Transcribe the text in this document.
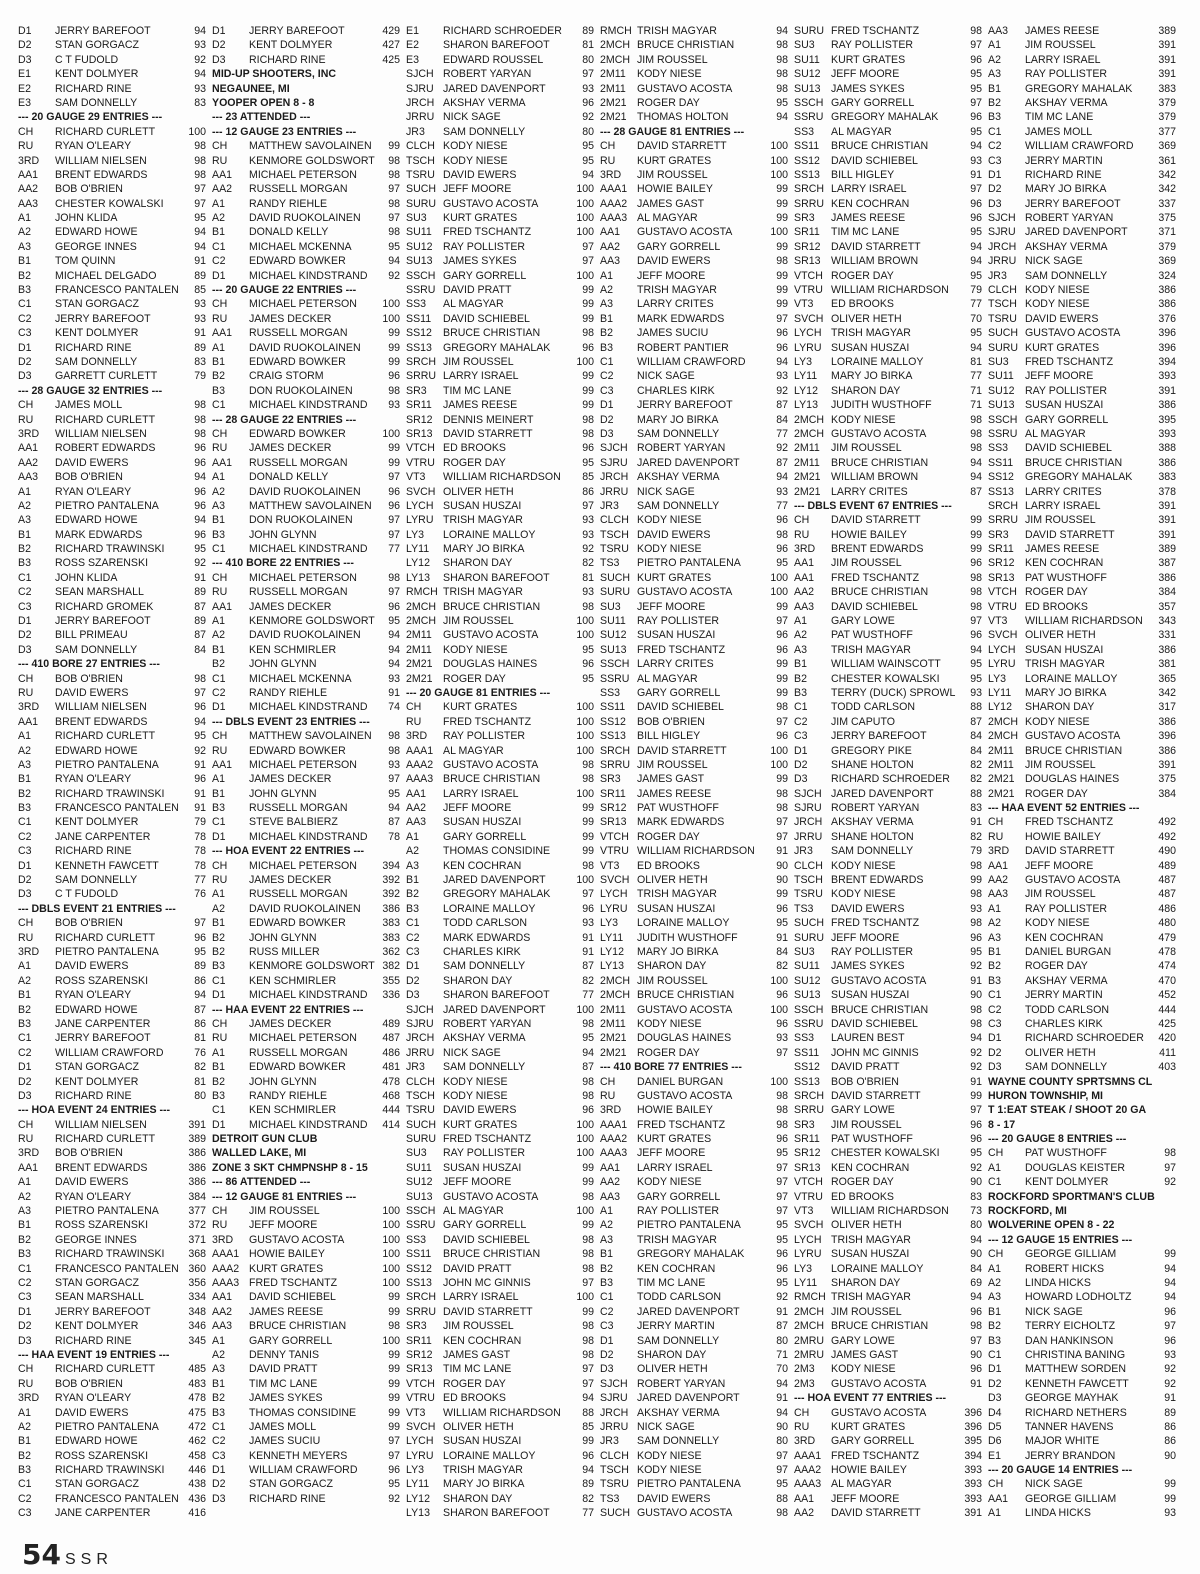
D1	JERRY BAREFOOT	94
D2	STAN GORGACZ	93
D3	C T FUDOLD	92
E1	KENT DOLMYER	94
E2	RICHARD RINE	93
E3	SAM DONNELLY	83
--- 20 GAUGE 29 ENTRIES ---
CH	RICHARD CURLETT	100
RU	RYAN O'LEARY	98
3RD	WILLIAM NIELSEN	98
AA1	BRENT EDWARDS	98
AA2	BOB O'BRIEN	97
AA3	CHESTER KOWALSKI	97
A1	JOHN KLIDA	95
A2	EDWARD HOWE	94
A3	GEORGE INNES	94
B1	TOM QUINN	91
B2	MICHAEL DELGADO	89
B3	FRANCESCO PANTALEN	85
C1	STAN GORGACZ	93
C2	JERRY BAREFOOT	93
C3	KENT DOLMYER	91
D1	RICHARD RINE	89
D2	SAM DONNELLY	83
D3	GARRETT CURLETT	79
--- 28 GAUGE 32 ENTRIES ---
CH	JAMES MOLL	98
RU	RICHARD CURLETT	98
3RD	WILLIAM NIELSEN	98
AA1	ROBERT EDWARDS	96
AA2	DAVID EWERS	96
AA3	BOB O'BRIEN	94
A1	RYAN O'LEARY	96
A2	PIETRO PANTALENA	96
A3	EDWARD HOWE	94
B1	MARK EDWARDS	96
B2	RICHARD TRAWINSKI	95
B3	ROSS SZARENSKI	92
C1	JOHN KLIDA	91
C2	SEAN MARSHALL	89
C3	RICHARD GROMEK	87
D1	JERRY BAREFOOT	89
D2	BILL PRIMEAU	87
D3	SAM DONNELLY	84
--- 410 BORE 27 ENTRIES ---
CH	BOB O'BRIEN	98
RU	DAVID EWERS	97
3RD	WILLIAM NIELSEN	96
AA1	BRENT EDWARDS	94
A1	RICHARD CURLETT	95
A2	EDWARD HOWE	92
A3	PIETRO PANTALENA	91
B1	RYAN O'LEARY	96
B2	RICHARD TRAWINSKI	91
B3	FRANCESCO PANTALEN	91
C1	KENT DOLMYER	79
C2	JANE CARPENTER	78
C3	RICHARD RINE	78
D1	KENNETH FAWCETT	78
D2	SAM DONNELLY	77
D3	C T FUDOLD	76
--- DBLS EVENT 21 ENTRIES ---
CH	BOB O'BRIEN	97
RU	RICHARD CURLETT	96
3RD	PIETRO PANTALENA	95
A1	DAVID EWERS	89
A2	ROSS SZARENSKI	86
B1	RYAN O'LEARY	94
B2	EDWARD HOWE	87
B3	JANE CARPENTER	86
C1	JERRY BAREFOOT	81
C2	WILLIAM CRAWFORD	76
D1	STAN GORGACZ	82
D2	KENT DOLMYER	81
D3	RICHARD RINE	80
--- HOA EVENT 24 ENTRIES ---
CH	WILLIAM NIELSEN	391
RU	RICHARD CURLETT	389
3RD	BOB O'BRIEN	386
AA1	BRENT EDWARDS	386
A1	DAVID EWERS	386
A2	RYAN O'LEARY	384
A3	PIETRO PANTALENA	377
B1	ROSS SZARENSKI	372
B2	GEORGE INNES	371
B3	RICHARD TRAWINSKI	368
C1	FRANCESCO PANTALEN 360
C2	STAN GORGACZ	356
C3	SEAN MARSHALL	334
D1	JERRY BAREFOOT	348
D2	KENT DOLMYER	346
D3	RICHARD RINE	345
--- HAA EVENT 19 ENTRIES ---
CH	RICHARD CURLETT	485
RU	BOB O'BRIEN	483
3RD	RYAN O'LEARY	478
A1	DAVID EWERS	475
A2	PIETRO PANTALENA	472
B1	EDWARD HOWE	462
B2	ROSS SZARENSKI	458
B3	RICHARD TRAWINSKI	446
C1	STAN GORGACZ	438
C2	FRANCESCO PANTALEN 436
C3	JANE CARPENTER	416
D1	JERRY BAREFOOT	429
D2	KENT DOLMYER	427
D3	RICHARD RINE	425
MID-UP SHOOTERS, INC
NEGAUNEE, MI
YOOPER OPEN 8 - 8
--- 23 ATTENDED ---
--- 12 GAUGE 23 ENTRIES ---
CH	MATTHEW SAVOLAINEN	99
RU	KENMORE GOLDSWORT	98
AA1	MICHAEL PETERSON	98
AA2	RUSSELL MORGAN	97
A1	RANDY RIEHLE	98
A2	DAVID RUOKOLAINEN	97
B1	DONALD KELLY	98
C1	MICHAEL MCKENNA	95
C2	EDWARD BOWKER	94
D1	MICHAEL KINDSTRAND	92
--- 20 GAUGE 22 ENTRIES ---
CH	MICHAEL PETERSON	100
RU	JAMES DECKER	100
AA1	RUSSELL MORGAN	99
A1	DAVID RUOKOLAINEN	99
B1	EDWARD BOWKER	99
B2	CRAIG STORM	96
B3	DON RUOKOLAINEN	98
C1	MICHAEL KINDSTRAND	93
--- 28 GAUGE 22 ENTRIES ---
CH	EDWARD BOWKER	100
RU	JAMES DECKER	99
AA1	RUSSELL MORGAN	99
A1	DONALD KELLY	97
A2	DAVID RUOKOLAINEN	96
A3	MATTHEW SAVOLAINEN	96
B1	DON RUOKOLAINEN	97
B3	JOHN GLYNN	97
C1	MICHAEL KINDSTRAND	77
--- 410 BORE 22 ENTRIES ---
CH	MICHAEL PETERSON	98
RU	RUSSELL MORGAN	97
AA1	JAMES DECKER	96
A1	KENMORE GOLDSWORT	95
A2	DAVID RUOKOLAINEN	94
B1	KEN SCHMIRLER	94
B2	JOHN GLYNN	94
C1	MICHAEL MCKENNA	93
C2	RANDY RIEHLE	91
D1	MICHAEL KINDSTRAND	74
--- DBLS EVENT 23 ENTRIES ---
CH	MATTHEW SAVOLAINEN	98
RU	EDWARD BOWKER	98
AA1	MICHAEL PETERSON	93
A1	JAMES DECKER	97
B1	JOHN GLYNN	95
B3	RUSSELL MORGAN	94
C1	STEVE BALBIERZ	87
D1	MICHAEL KINDSTRAND	78
--- HOA EVENT 22 ENTRIES ---
CH	MICHAEL PETERSON	394
RU	JAMES DECKER	392
A1	RUSSELL MORGAN	392
A2	DAVID RUOKOLAINEN	386
B1	EDWARD BOWKER	383
B2	JOHN GLYNN	383
B2	RUSS MILLER	362
B3	KENMORE GOLDSWORT 382
C1	KEN SCHMIRLER	355
D1	MICHAEL KINDSTRAND	336
--- HAA EVENT 22 ENTRIES ---
CH	JAMES DECKER	489
RU	MICHAEL PETERSON	487
A1	RUSSELL MORGAN	486
B1	EDWARD BOWKER	481
B2	JOHN GLYNN	478
B3	RANDY RIEHLE	468
C1	KEN SCHMIRLER	444
D1	MICHAEL KINDSTRAND	414
DETROIT GUN CLUB
WALLED LAKE, MI
ZONE 3 SKT CHMPNSHP 8 - 15
--- 86 ATTENDED ---
--- 12 GAUGE 81 ENTRIES ---
CH	JIM ROUSSEL	100
RU	JEFF MOORE	100
3RD	GUSTAVO ACOSTA	100
AAA1 HOWIE BAILEY	100
AAA2 KURT GRATES	100
AAA3 FRED TSCHANTZ	100
AA1	DAVID SCHIEBEL	99
AA2	JAMES REESE	99
AA3	BRUCE CHRISTIAN	98
A1	GARY GORRELL	100
A2	DENNY TANIS	99
A3	DAVID PRATT	99
B1	TIM MC LANE	99
B2	JAMES SYKES	99
B3	THOMAS CONSIDINE	99
C1	JAMES MOLL	99
C2	JAMES SUCIU	97
C3	KENNETH MEYERS	97
D1	WILLIAM CRAWFORD	96
D2	STAN GORGACZ	95
D3	RICHARD RINE	92
E1	RICHARD SCHROEDER	89
E2	SHARON BAREFOOT	81
E3	EDWARD ROUSSEL	80
SJCH ROBERT YARYAN	97
SJRU JARED DAVENPORT	93
JRCH AKSHAY VERMA	96
JRRU NICK SAGE	92
JR3	SAM DONNELLY	80
CLCH KODY NIESE	95
TSCH KODY NIESE	95
TSRU DAVID EWERS	94
SUCH JEFF MOORE	100
SURU GUSTAVO ACOSTA	100
SU3	KURT GRATES	100
SU11	FRED TSCHANTZ	100
SU12 RAY POLLISTER	97
SU13 JAMES SYKES	97
SSCH GARY GORRELL	100
SSRU DAVID PRATT	99
SS3	AL MAGYAR	99
SS11	DAVID SCHIEBEL	99
SS12	BRUCE CHRISTIAN	98
SS13	GREGORY MAHALAK	96
SRCH JIM ROUSSEL	100
SRRU LARRY ISRAEL	99
SR3	TIM MC LANE	99
SR11	JAMES REESE	99
SR12 DENNIS MEINERT	98
SR13 DAVID STARRETT	98
VTCH ED BROOKS	96
VTRU ROGER DAY	95
VT3	WILLIAM RICHARDSON	85
SVCH OLIVER HETH	86
LYCH SUSAN HUSZAI	97
LYRU TRISH MAGYAR	93
LY3	LORAINE MALLOY	93
LY11	MARY JO BIRKA	92
LY12	SHARON DAY	82
LY13	SHARON BAREFOOT	81
RMCH TRISH MAGYAR	93
2MCH BRUCE CHRISTIAN	98
2MCH JIM ROUSSEL	100
2M11	GUSTAVO ACOSTA	100
2M11	KODY NIESE	95
2M21 DOUGLAS HAINES	96
2M21 ROGER DAY	95
--- 20 GAUGE 81 ENTRIES ---
CH	KURT GRATES	100
RU	FRED TSCHANTZ	100
3RD	RAY POLLISTER	100
AAA1 AL MAGYAR	100
AAA2 GUSTAVO ACOSTA	98
AAA3 BRUCE CHRISTIAN	98
AA1	LARRY ISRAEL	100
AA2	JEFF MOORE	99
AA3	SUSAN HUSZAI	99
A1	GARY GORRELL	99
A2	THOMAS CONSIDINE	99
A3	KEN COCHRAN	98
B1	JARED DAVENPORT	100
B2	GREGORY MAHALAK	97
B3	LORAINE MALLOY	96
C1	TODD CARLSON	93
C2	MARK EDWARDS	91
C3	CHARLES KIRK	91
D1	SAM DONNELLY	87
D2	SHARON DAY	82
D3	SHARON BAREFOOT	77
SJCH JARED DAVENPORT	100
SJRU ROBERT YARYAN	98
JRCH AKSHAY VERMA	95
JRRU NICK SAGE	94
JR3	SAM DONNELLY	87
CLCH KODY NIESE	98
TSCH KODY NIESE	98
TSRU DAVID EWERS	96
SUCH KURT GRATES	100
SURU FRED TSCHANTZ	100
SU3	RAY POLLISTER	100
SU11	SUSAN HUSZAI	99
SU12 JEFF MOORE	99
SU13 GUSTAVO ACOSTA	98
SSCH AL MAGYAR	100
SSRU GARY GORRELL	99
SS3	DAVID SCHIEBEL	98
SS11	BRUCE CHRISTIAN	98
SS12	DAVID PRATT	98
SS13	JOHN MC GINNIS	97
SRCH LARRY ISRAEL	100
SRRU DAVID STARRETT	99
SR3	JIM ROUSSEL	98
SR11	KEN COCHRAN	98
SR12 JAMES GAST	98
SR13 TIM MC LANE	97
VTCH ROGER DAY	97
VTRU ED BROOKS	94
VT3	WILLIAM RICHARDSON	88
SVCH OLIVER HETH	85
LYCH SUSAN HUSZAI	99
LYRU LORAINE MALLOY	96
LY3	TRISH MAGYAR	94
LY11	MARY JO BIRKA	89
LY12	SHARON DAY	82
LY13	SHARON BAREFOOT	77
RMCH TRISH MAGYAR	94
2MCH BRUCE CHRISTIAN	98
2MCH JIM ROUSSEL	98
2M11	KODY NIESE	98
2M11	GUSTAVO ACOSTA	98
2M21 ROGER DAY	95
2M21 THOMAS HOLTON	94
--- 28 GAUGE 81 ENTRIES ---
CH	DAVID STARRETT	100
RU	KURT GRATES	100
3RD	JIM ROUSSEL	100
AAA1 HOWIE BAILEY	99
AAA2 JAMES GAST	99
AAA3 AL MAGYAR	99
AA1	GUSTAVO ACOSTA	100
AA2	GARY GORRELL	99
AA3	DAVID EWERS	98
A1	JEFF MOORE	99
A2	TRISH MAGYAR	99
A3	LARRY CRITES	99
B1	MARK EDWARDS	97
B2	JAMES SUCIU	96
B3	ROBERT PANTIER	96
C1	WILLIAM CRAWFORD	94
C2	NICK SAGE	93
C3	CHARLES KIRK	92
D1	JERRY BAREFOOT	87
D2	MARY JO BIRKA	84
D3	SAM DONNELLY	77
SJCH ROBERT YARYAN	92
SJRU JARED DAVENPORT	87
JRCH AKSHAY VERMA	94
JRRU NICK SAGE	93
JR3	SAM DONNELLY	77
CLCH KODY NIESE	96
TSCH DAVID EWERS	98
TSRU KODY NIESE	96
TS3	PIETRO PANTALENA	95
SUCH KURT GRATES	100
SURU GUSTAVO ACOSTA	100
SU3	JEFF MOORE	99
SU11	RAY POLLISTER	97
SU12 SUSAN HUSZAI	96
SU13 FRED TSCHANTZ	96
SSCH LARRY CRITES	99
SSRU AL MAGYAR	99
SS3	GARY GORRELL	99
SS11	DAVID SCHIEBEL	98
SS12	BOB O'BRIEN	97
SS13	BILL HIGLEY	96
SRCH DAVID STARRETT	100
SRRU JIM ROUSSEL	100
SR3	JAMES GAST	99
SR11	JAMES REESE	98
SR12 PAT WUSTHOFF	98
SR13 MARK EDWARDS	97
VTCH ROGER DAY	97
VTRU WILLIAM RICHARDSON	91
VT3	ED BROOKS	90
SVCH OLIVER HETH	90
LYCH TRISH MAGYAR	99
LYRU SUSAN HUSZAI	96
LY3	LORAINE MALLOY	95
LY11	JUDITH WUSTHOFF	91
LY12	MARY JO BIRKA	84
LY13	SHARON DAY	82
2MCH JIM ROUSSEL	100
2MCH BRUCE CHRISTIAN	96
2M11	GUSTAVO ACOSTA	100
2M11	KODY NIESE	96
2M21 DOUGLAS HAINES	93
2M21 ROGER DAY	97
--- 410 BORE 77 ENTRIES ---
CH	DANIEL BURGAN	100
RU	GUSTAVO ACOSTA	98
3RD	HOWIE BAILEY	98
AAA1 FRED TSCHANTZ	98
AAA2 KURT GRATES	96
AAA3 JEFF MOORE	95
AA1	LARRY ISRAEL	97
AA2	KODY NIESE	97
AA3	GARY GORRELL	97
A1	RAY POLLISTER	97
A2	PIETRO PANTALENA	95
A3	TRISH MAGYAR	95
B1	GREGORY MAHALAK	96
B2	KEN COCHRAN	96
B3	TIM MC LANE	95
C1	TODD CARLSON	92
C2	JARED DAVENPORT	91
C3	JERRY MARTIN	87
D1	SAM DONNELLY	80
D2	SHARON DAY	71
D3	OLIVER HETH	70
SJCH ROBERT YARYAN	94
SJRU JARED DAVENPORT	91
JRCH AKSHAY VERMA	94
JRRU NICK SAGE	90
JR3	SAM DONNELLY	80
CLCH KODY NIESE	97
TSCH KODY NIESE	97
TSRU PIETRO PANTALENA	95
TS3	DAVID EWERS	88
SUCH GUSTAVO ACOSTA	98
SURU FRED TSCHANTZ	98
SU3	RAY POLLISTER	97
SU11	KURT GRATES	96
SU12 JEFF MOORE	95
SU13 JAMES SYKES	95
SSCH GARY GORRELL	97
SSRU GREGORY MAHALAK	96
SS3	AL MAGYAR	95
SS11	BRUCE CHRISTIAN	94
SS12	DAVID SCHIEBEL	93
SS13	BILL HIGLEY	91
SRCH LARRY ISRAEL	97
SRRU KEN COCHRAN	96
SR3	JAMES REESE	96
SR11	TIM MC LANE	95
SR12 DAVID STARRETT	94
SR13 WILLIAM BROWN	94
VTCH ROGER DAY	95
VTRU WILLIAM RICHARDSON	79
VT3	ED BROOKS	77
SVCH OLIVER HETH	70
LYCH TRISH MAGYAR	95
LYRU SUSAN HUSZAI	94
LY3	LORAINE MALLOY	81
LY11	MARY JO BIRKA	77
LY12	SHARON DAY	71
LY13	JUDITH WUSTHOFF	71
2MCH KODY NIESE	98
2MCH GUSTAVO ACOSTA	98
2M11	JIM ROUSSEL	98
2M11	BRUCE CHRISTIAN	94
2M21 WILLIAM BROWN	94
2M21 LARRY CRITES	87
--- DBLS EVENT 67 ENTRIES ---
CH	DAVID STARRETT	99
RU	HOWIE BAILEY	99
3RD	BRENT EDWARDS	99
AA1	JIM ROUSSEL	96
AA1	FRED TSCHANTZ	98
AA2	BRUCE CHRISTIAN	98
AA3	DAVID SCHIEBEL	98
A1	GARY LOWE	97
A2	PAT WUSTHOFF	96
A3	TRISH MAGYAR	94
B1	WILLIAM WAINSCOTT	95
B2	CHESTER KOWALSKI	95
B3	TERRY (DUCK) SPROWL	93
C1	TODD CARLSON	88
C2	JIM CAPUTO	87
C3	JERRY BAREFOOT	84
D1	GREGORY PIKE	84
D2	SHANE HOLTON	82
D3	RICHARD SCHROEDER	82
SJCH JARED DAVENPORT	88
SJRU ROBERT YARYAN	83
JRCH AKSHAY VERMA	91
JRRU SHANE HOLTON	82
JR3	SAM DONNELLY	79
CLCH KODY NIESE	98
TSCH BRENT EDWARDS	99
TSRU KODY NIESE	98
TS3	DAVID EWERS	93
SUCH FRED TSCHANTZ	98
SURU JEFF MOORE	96
SU3	RAY POLLISTER	95
SU11	JAMES SYKES	92
SU12 GUSTAVO ACOSTA	91
SU13 SUSAN HUSZAI	90
SSCH BRUCE CHRISTIAN	98
SSRU DAVID SCHIEBEL	98
SS3	LAUREN BEST	94
SS11	JOHN MC GINNIS	92
SS12	DAVID PRATT	92
SS13	BOB O'BRIEN	91
SRCH DAVID STARRETT	99
SRRU GARY LOWE	97
SR3	JIM ROUSSEL	96
SR11	PAT WUSTHOFF	96
SR12 CHESTER KOWALSKI	95
SR13 KEN COCHRAN	92
VTCH ROGER DAY	90
VTRU ED BROOKS	83
VT3	WILLIAM RICHARDSON	73
SVCH OLIVER HETH	80
LYCH TRISH MAGYAR	94
LYRU SUSAN HUSZAI	90
LY3	LORAINE MALLOY	84
LY11	SHARON DAY	69
RMCH TRISH MAGYAR	94
2MCH JIM ROUSSEL	96
2MCH BRUCE CHRISTIAN	98
2MRU GARY LOWE	97
2MRU JAMES GAST	90
2M3	KODY NIESE	96
2M3	GUSTAVO ACOSTA	91
--- HOA EVENT 77 ENTRIES ---
CH	GUSTAVO ACOSTA	396
RU	KURT GRATES	396
3RD	GARY GORRELL	395
AAA1 FRED TSCHANTZ	394
AAA2 HOWIE BAILEY	393
AAA3 AL MAGYAR	393
AA1	JEFF MOORE	393
AA2	DAVID STARRETT	391
AA3	JAMES REESE	389
A1	JIM ROUSSEL	391
A2	LARRY ISRAEL	391
A3	RAY POLLISTER	391
B1	GREGORY MAHALAK	383
B2	AKSHAY VERMA	379
B3	TIM MC LANE	379
C1	JAMES MOLL	377
C2	WILLIAM CRAWFORD	369
C3	JERRY MARTIN	361
D1	RICHARD RINE	342
D2	MARY JO BIRKA	342
D3	JERRY BAREFOOT	337
SJCH ROBERT YARYAN	375
SJRU JARED DAVENPORT	371
JRCH AKSHAY VERMA	379
JRRU NICK SAGE	369
JR3	SAM DONNELLY	324
CLCH KODY NIESE	386
TSCH KODY NIESE	386
TSRU DAVID EWERS	376
SUCH GUSTAVO ACOSTA	396
SURU KURT GRATES	396
SU3	FRED TSCHANTZ	394
SU11	JEFF MOORE	393
SU12 RAY POLLISTER	391
SU13 SUSAN HUSZAI	386
SSCH GARY GORRELL	395
SSRU AL MAGYAR	393
SS3	DAVID SCHIEBEL	388
SS11	BRUCE CHRISTIAN	386
SS12	GREGORY MAHALAK	383
SS13	LARRY CRITES	378
SRCH LARRY ISRAEL	391
SRRU JIM ROUSSEL	391
SR3	DAVID STARRETT	391
SR11	JAMES REESE	389
SR12 KEN COCHRAN	387
SR13 PAT WUSTHOFF	386
VTCH ROGER DAY	384
VTRU ED BROOKS	357
VT3	WILLIAM RICHARDSON	343
SVCH OLIVER HETH	331
LYCH SUSAN HUSZAI	386
LYRU TRISH MAGYAR	381
LY3	LORAINE MALLOY	365
LY11	MARY JO BIRKA	342
LY12	SHARON DAY	317
2MCH KODY NIESE	386
2MCH GUSTAVO ACOSTA	396
2M11	BRUCE CHRISTIAN	386
2M11	JIM ROUSSEL	391
2M21 DOUGLAS HAINES	375
2M21 ROGER DAY	384
--- HAA EVENT 52 ENTRIES ---
CH	FRED TSCHANTZ	492
RU	HOWIE BAILEY	492
3RD	DAVID STARRETT	490
AA1	JEFF MOORE	489
AA2	GUSTAVO ACOSTA	487
AA3	JIM ROUSSEL	487
A1	RAY POLLISTER	486
A2	KODY NIESE	480
A3	KEN COCHRAN	479
B1	DANIEL BURGAN	478
B2	ROGER DAY	474
B3	AKSHAY VERMA	470
C1	JERRY MARTIN	452
C2	TODD CARLSON	444
C3	CHARLES KIRK	425
D1	RICHARD SCHROEDER	420
D2	OLIVER HETH	411
D3	SAM DONNELLY	403
WAYNE COUNTY SPRTSMNS CL
HURON TOWNSHIP, MI
T 1:EAT STEAK / SHOOT 20 GA
8 - 17
--- 20 GAUGE 8 ENTRIES ---
CH	PAT WUSTHOFF	98
A1	DOUGLAS KEISTER	97
C1	KENT DOLMYER	92
ROCKFORD SPORTMAN'S CLUB
ROCKFORD, MI
WOLVERINE OPEN 8 - 22
--- 12 GAUGE 15 ENTRIES ---
CH	GEORGE GILLIAM	99
A1	ROBERT HICKS	94
A2	LINDA HICKS	94
A3	HOWARD LODHOLTZ	94
B1	NICK SAGE	96
B2	TERRY EICHOLTZ	97
B3	DAN HANKINSON	96
C1	CHRISTINA BANING	93
D1	MATTHEW SORDEN	92
D2	KENNETH FAWCETT	92
D3	GEORGE MAYHAK	91
D4	RICHARD NETHERS	89
D5	TANNER HAVENS	86
D6	MAJOR WHITE	86
E1	JERRY BRANDON	90
--- 20 GAUGE 14 ENTRIES ---
CH	NICK SAGE	99
AA1	GEORGE GILLIAM	99
A1	LINDA HICKS	93
54 SSR
